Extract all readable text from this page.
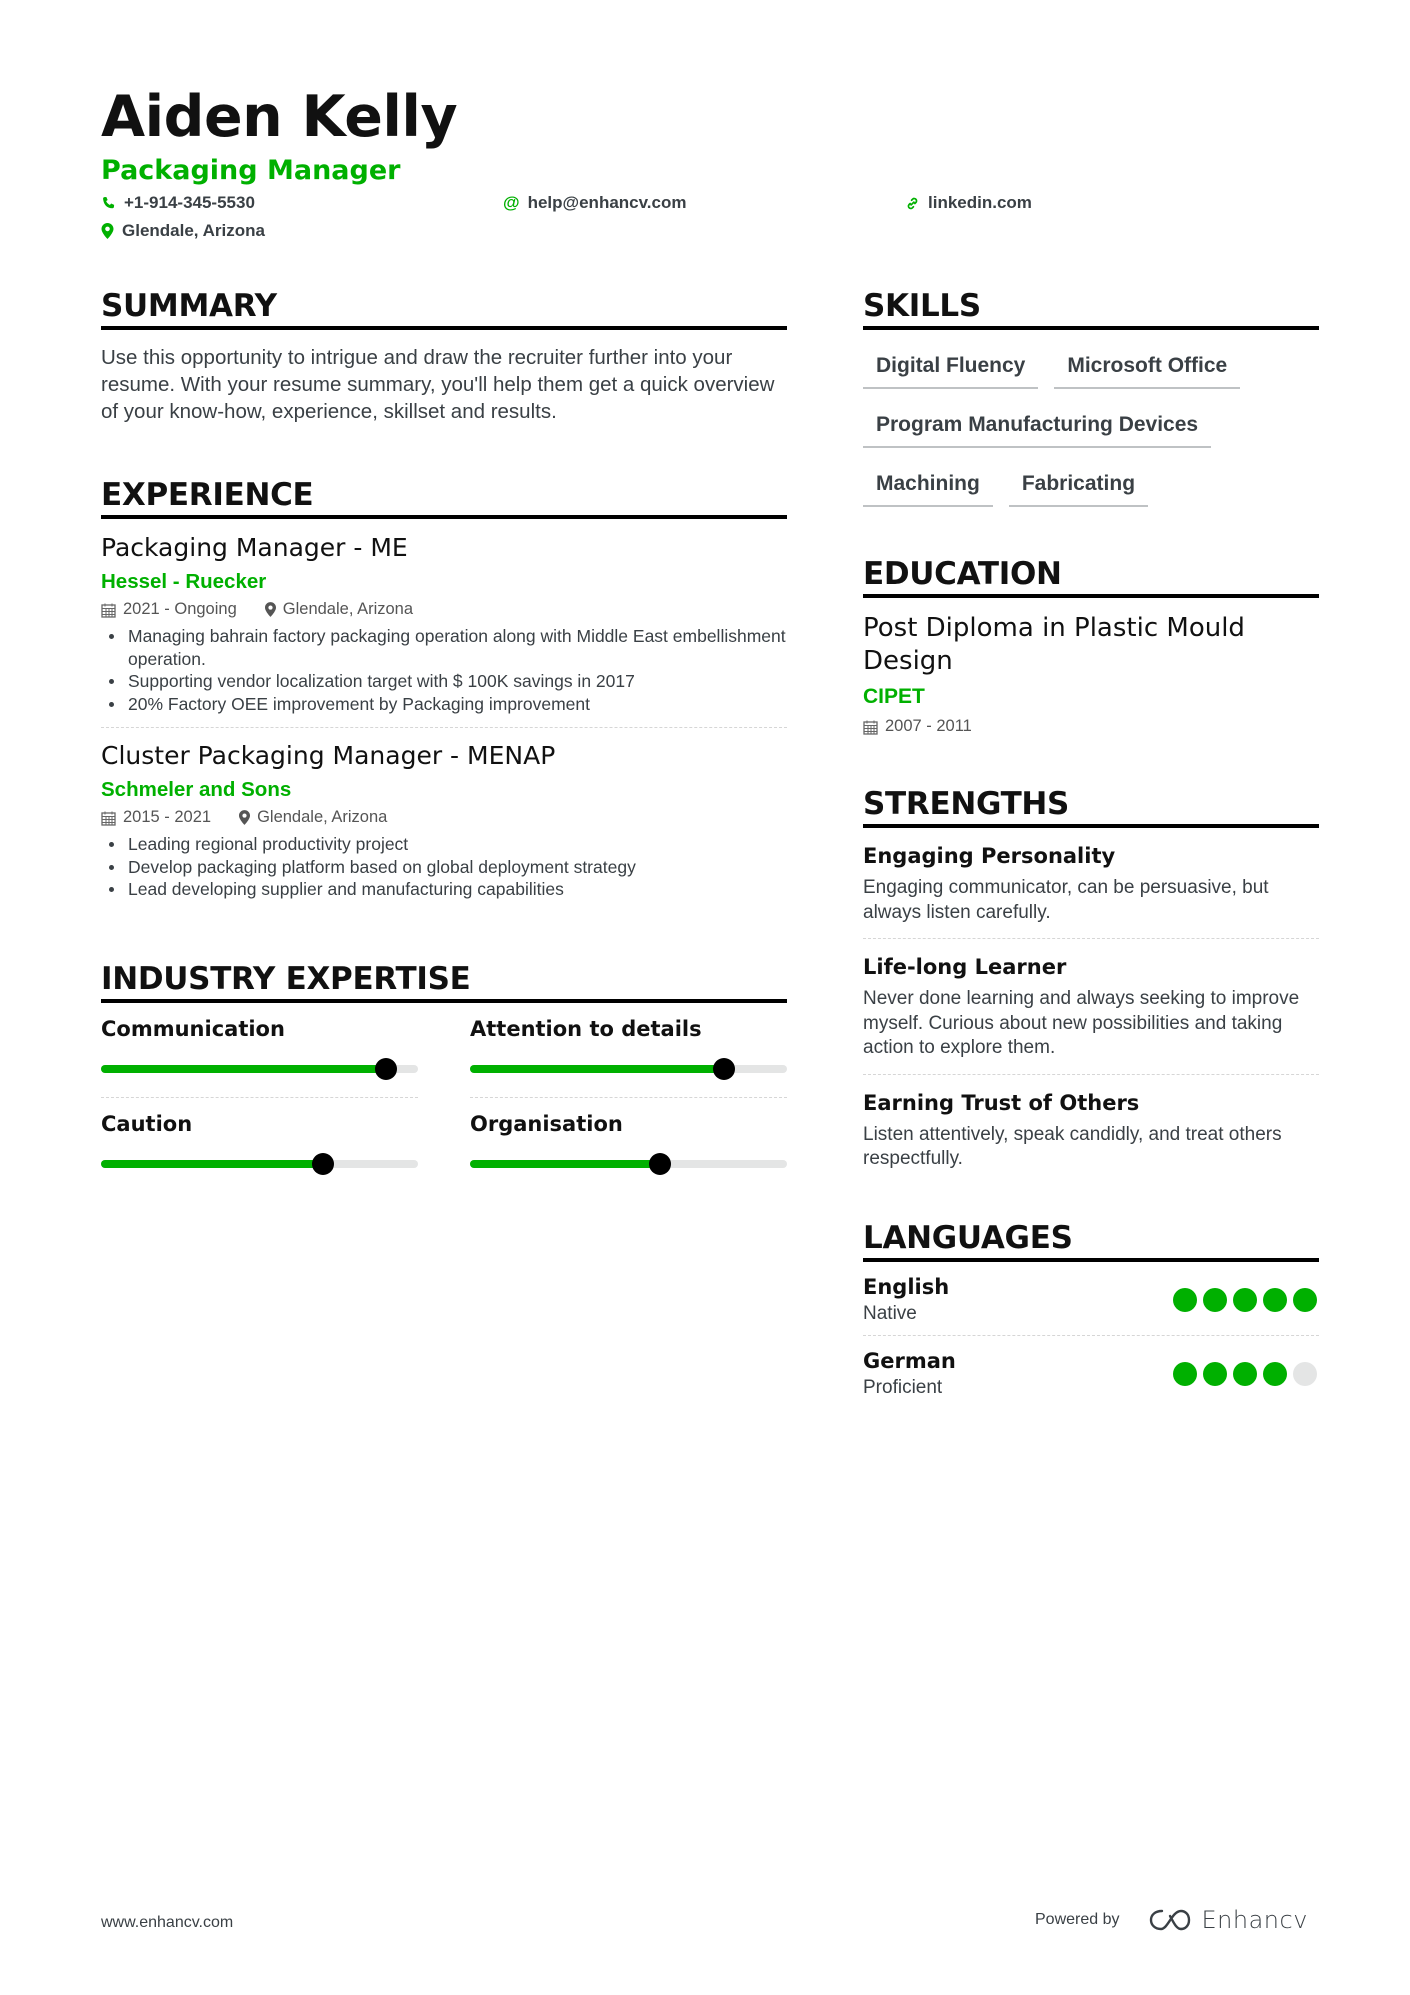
Aiden Kelly
Packaging Manager
+1-914-345-5530	@ help@enhancv.com	linkedin.com
Glendale, Arizona
SUMMARY
Use this opportunity to intrigue and draw the recruiter further into your resume. With your resume summary, you'll help them get a quick overview of your know-how, experience, skillset and results.
EXPERIENCE
Packaging Manager - ME
Hessel - Ruecker
2021 - Ongoing	Glendale, Arizona
Managing bahrain factory packaging operation along with Middle East embellishment operation.
Supporting vendor localization target with $ 100K savings in 2017
20% Factory OEE improvement by Packaging improvement
Cluster Packaging Manager - MENAP
Schmeler and Sons
2015 - 2021	Glendale, Arizona
Leading regional productivity project
Develop packaging platform based on global deployment strategy
Lead developing supplier and manufacturing capabilities
INDUSTRY EXPERTISE
Communication	Attention to details
Caution	Organisation
SKILLS
Digital Fluency	Microsoft Office
Program Manufacturing Devices
Machining	Fabricating
EDUCATION
Post Diploma in Plastic Mould Design
CIPET
2007 - 2011
STRENGTHS
Engaging Personality
Engaging communicator, can be persuasive, but always listen carefully.
Life-long Learner
Never done learning and always seeking to improve myself. Curious about new possibilities and taking action to explore them.
Earning Trust of Others
Listen attentively, speak candidly, and treat others respectfully.
LANGUAGES
English
Native
German
Proficient
www.enhancv.com	Powered by	Enhancv
